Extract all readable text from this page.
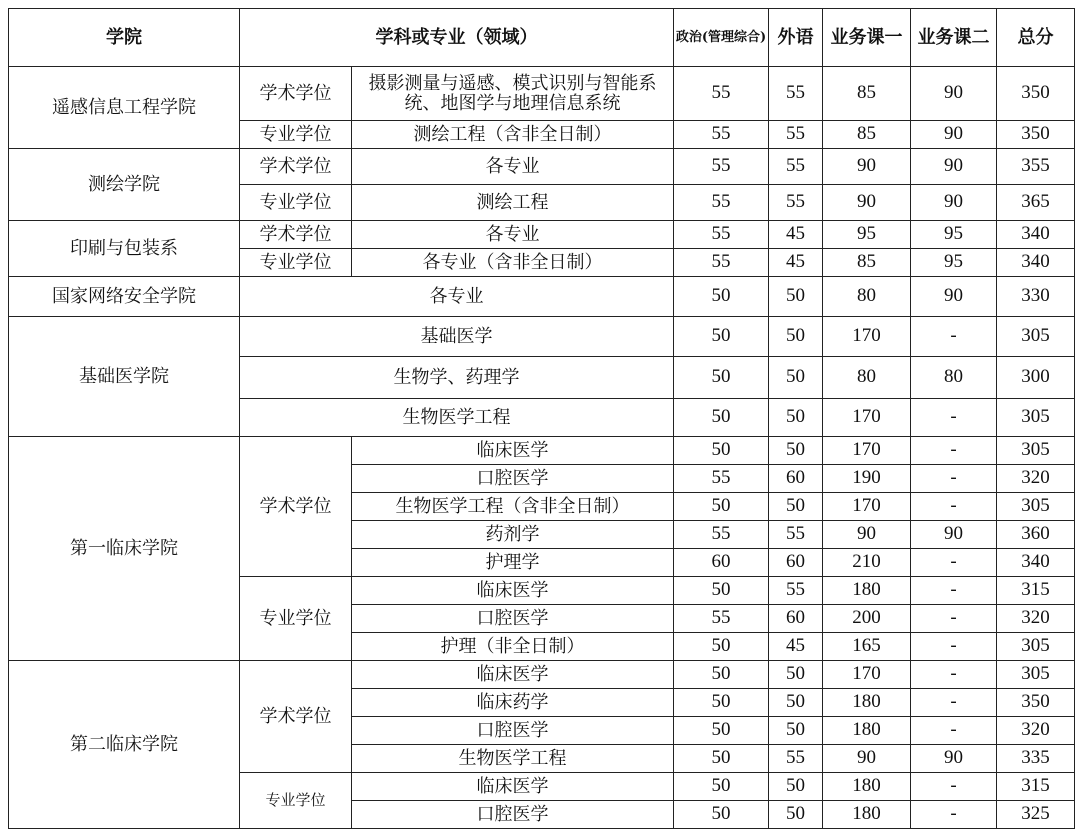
学院	学科或专业（领域）		政治(管理综合)	外语	业务课一	业务课二	总分
遥感信息工程学院	学术学位	摄影测量与遥感、模式识别与智能系统、地图学与地理信息系统	55	55	85	90	350
	专业学位	测绘工程（含非全日制）	55	55	85	90	350
测绘学院	学术学位	各专业	55	55	90	90	355
	专业学位	测绘工程	55	55	90	90	365
印刷与包装系	学术学位	各专业	55	45	95	95	340
	专业学位	各专业（含非全日制）	55	45	85	95	340
国家网络安全学院	各专业		50	50	80	90	330
基础医学院	基础医学		50	50	170	-	305
	生物学、药理学		50	50	80	80	300
	生物医学工程		50	50	170	-	305
第一临床学院	学术学位	临床医学	50	50	170	-	305
		口腔医学	55	60	190	-	320
		生物医学工程（含非全日制）	50	50	170	-	305
		药剂学	55	55	90	90	360
		护理学	60	60	210	-	340
	专业学位	临床医学	50	55	180	-	315
		口腔医学	55	60	200	-	320
		护理（非全日制）	50	45	165	-	305
第二临床学院	学术学位	临床医学	50	50	170	-	305
		临床药学	50	50	180	-	350
		口腔医学	50	50	180	-	320
		生物医学工程	50	55	90	90	335
	专业学位	临床医学	50	50	180	-	315
		口腔医学	50	50	180	-	325
